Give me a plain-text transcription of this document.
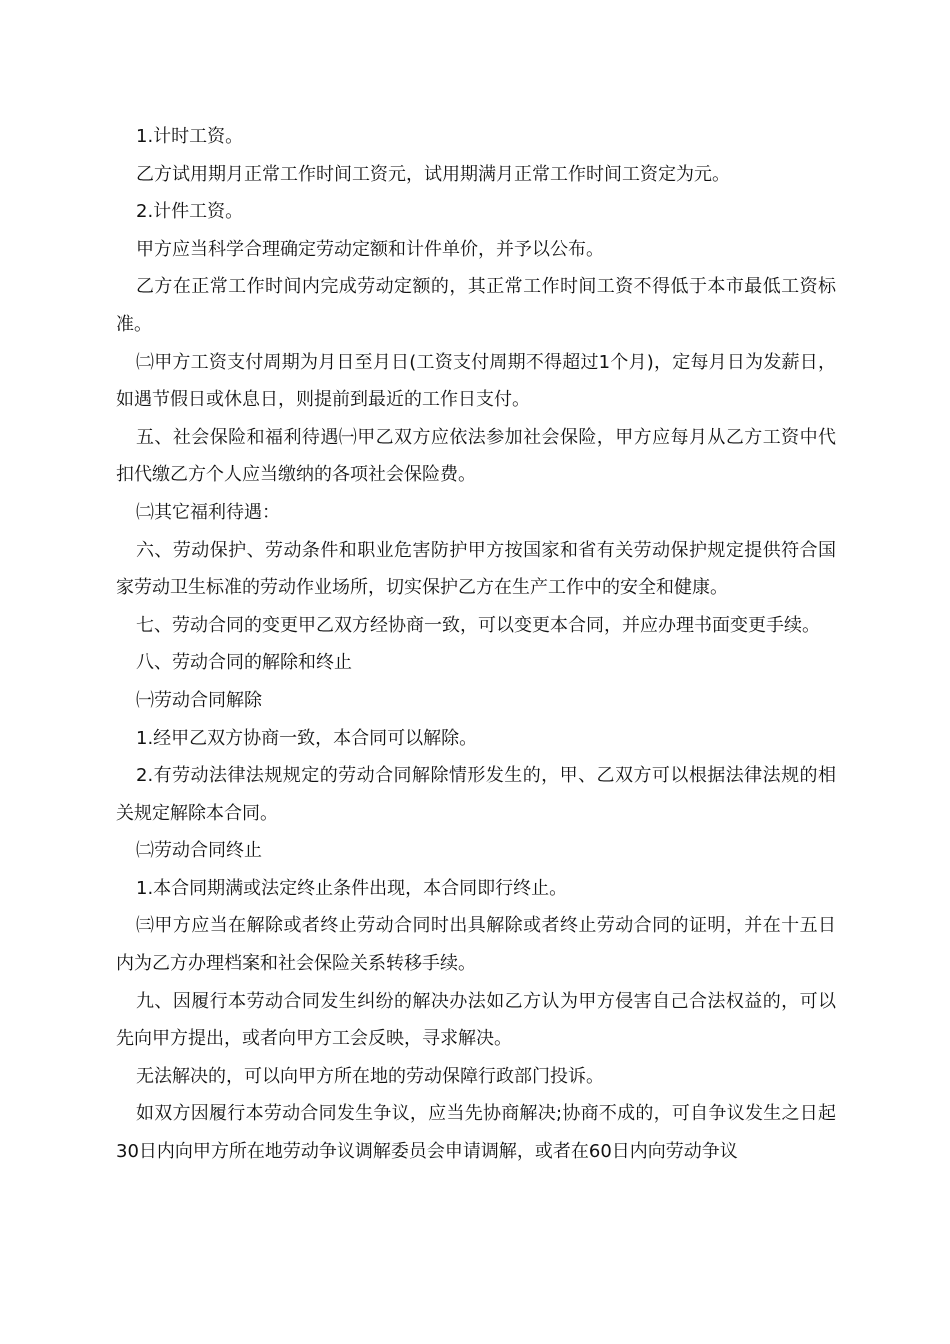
1.计时工资。

乙方试用期月正常工作时间工资元，试用期满月正常工作时间工资定为元。

2.计件工资。

甲方应当科学合理确定劳动定额和计件单价，并予以公布。

乙方在正常工作时间内完成劳动定额的，其正常工作时间工资不得低于本市最低工资标准。

㈡甲方工资支付周期为月日至月日(工资支付周期不得超过1个月)，定每月日为发薪日，如遇节假日或休息日，则提前到最近的工作日支付。

五、社会保险和福利待遇㈠甲乙双方应依法参加社会保险，甲方应每月从乙方工资中代扣代缴乙方个人应当缴纳的各项社会保险费。

㈡其它福利待遇：

六、劳动保护、劳动条件和职业危害防护甲方按国家和省有关劳动保护规定提供符合国家劳动卫生标准的劳动作业场所，切实保护乙方在生产工作中的安全和健康。

七、劳动合同的变更甲乙双方经协商一致，可以变更本合同，并应办理书面变更手续。

八、劳动合同的解除和终止

㈠劳动合同解除

1.经甲乙双方协商一致，本合同可以解除。

2.有劳动法律法规规定的劳动合同解除情形发生的，甲、乙双方可以根据法律法规的相关规定解除本合同。

㈡劳动合同终止

1.本合同期满或法定终止条件出现，本合同即行终止。

㈢甲方应当在解除或者终止劳动合同时出具解除或者终止劳动合同的证明，并在十五日内为乙方办理档案和社会保险关系转移手续。

九、因履行本劳动合同发生纠纷的解决办法如乙方认为甲方侵害自己合法权益的，可以先向甲方提出，或者向甲方工会反映，寻求解决。

无法解决的，可以向甲方所在地的劳动保障行政部门投诉。

如双方因履行本劳动合同发生争议，应当先协商解决;协商不成的，可自争议发生之日起30日内向甲方所在地劳动争议调解委员会申请调解，或者在60日内向劳动争议
